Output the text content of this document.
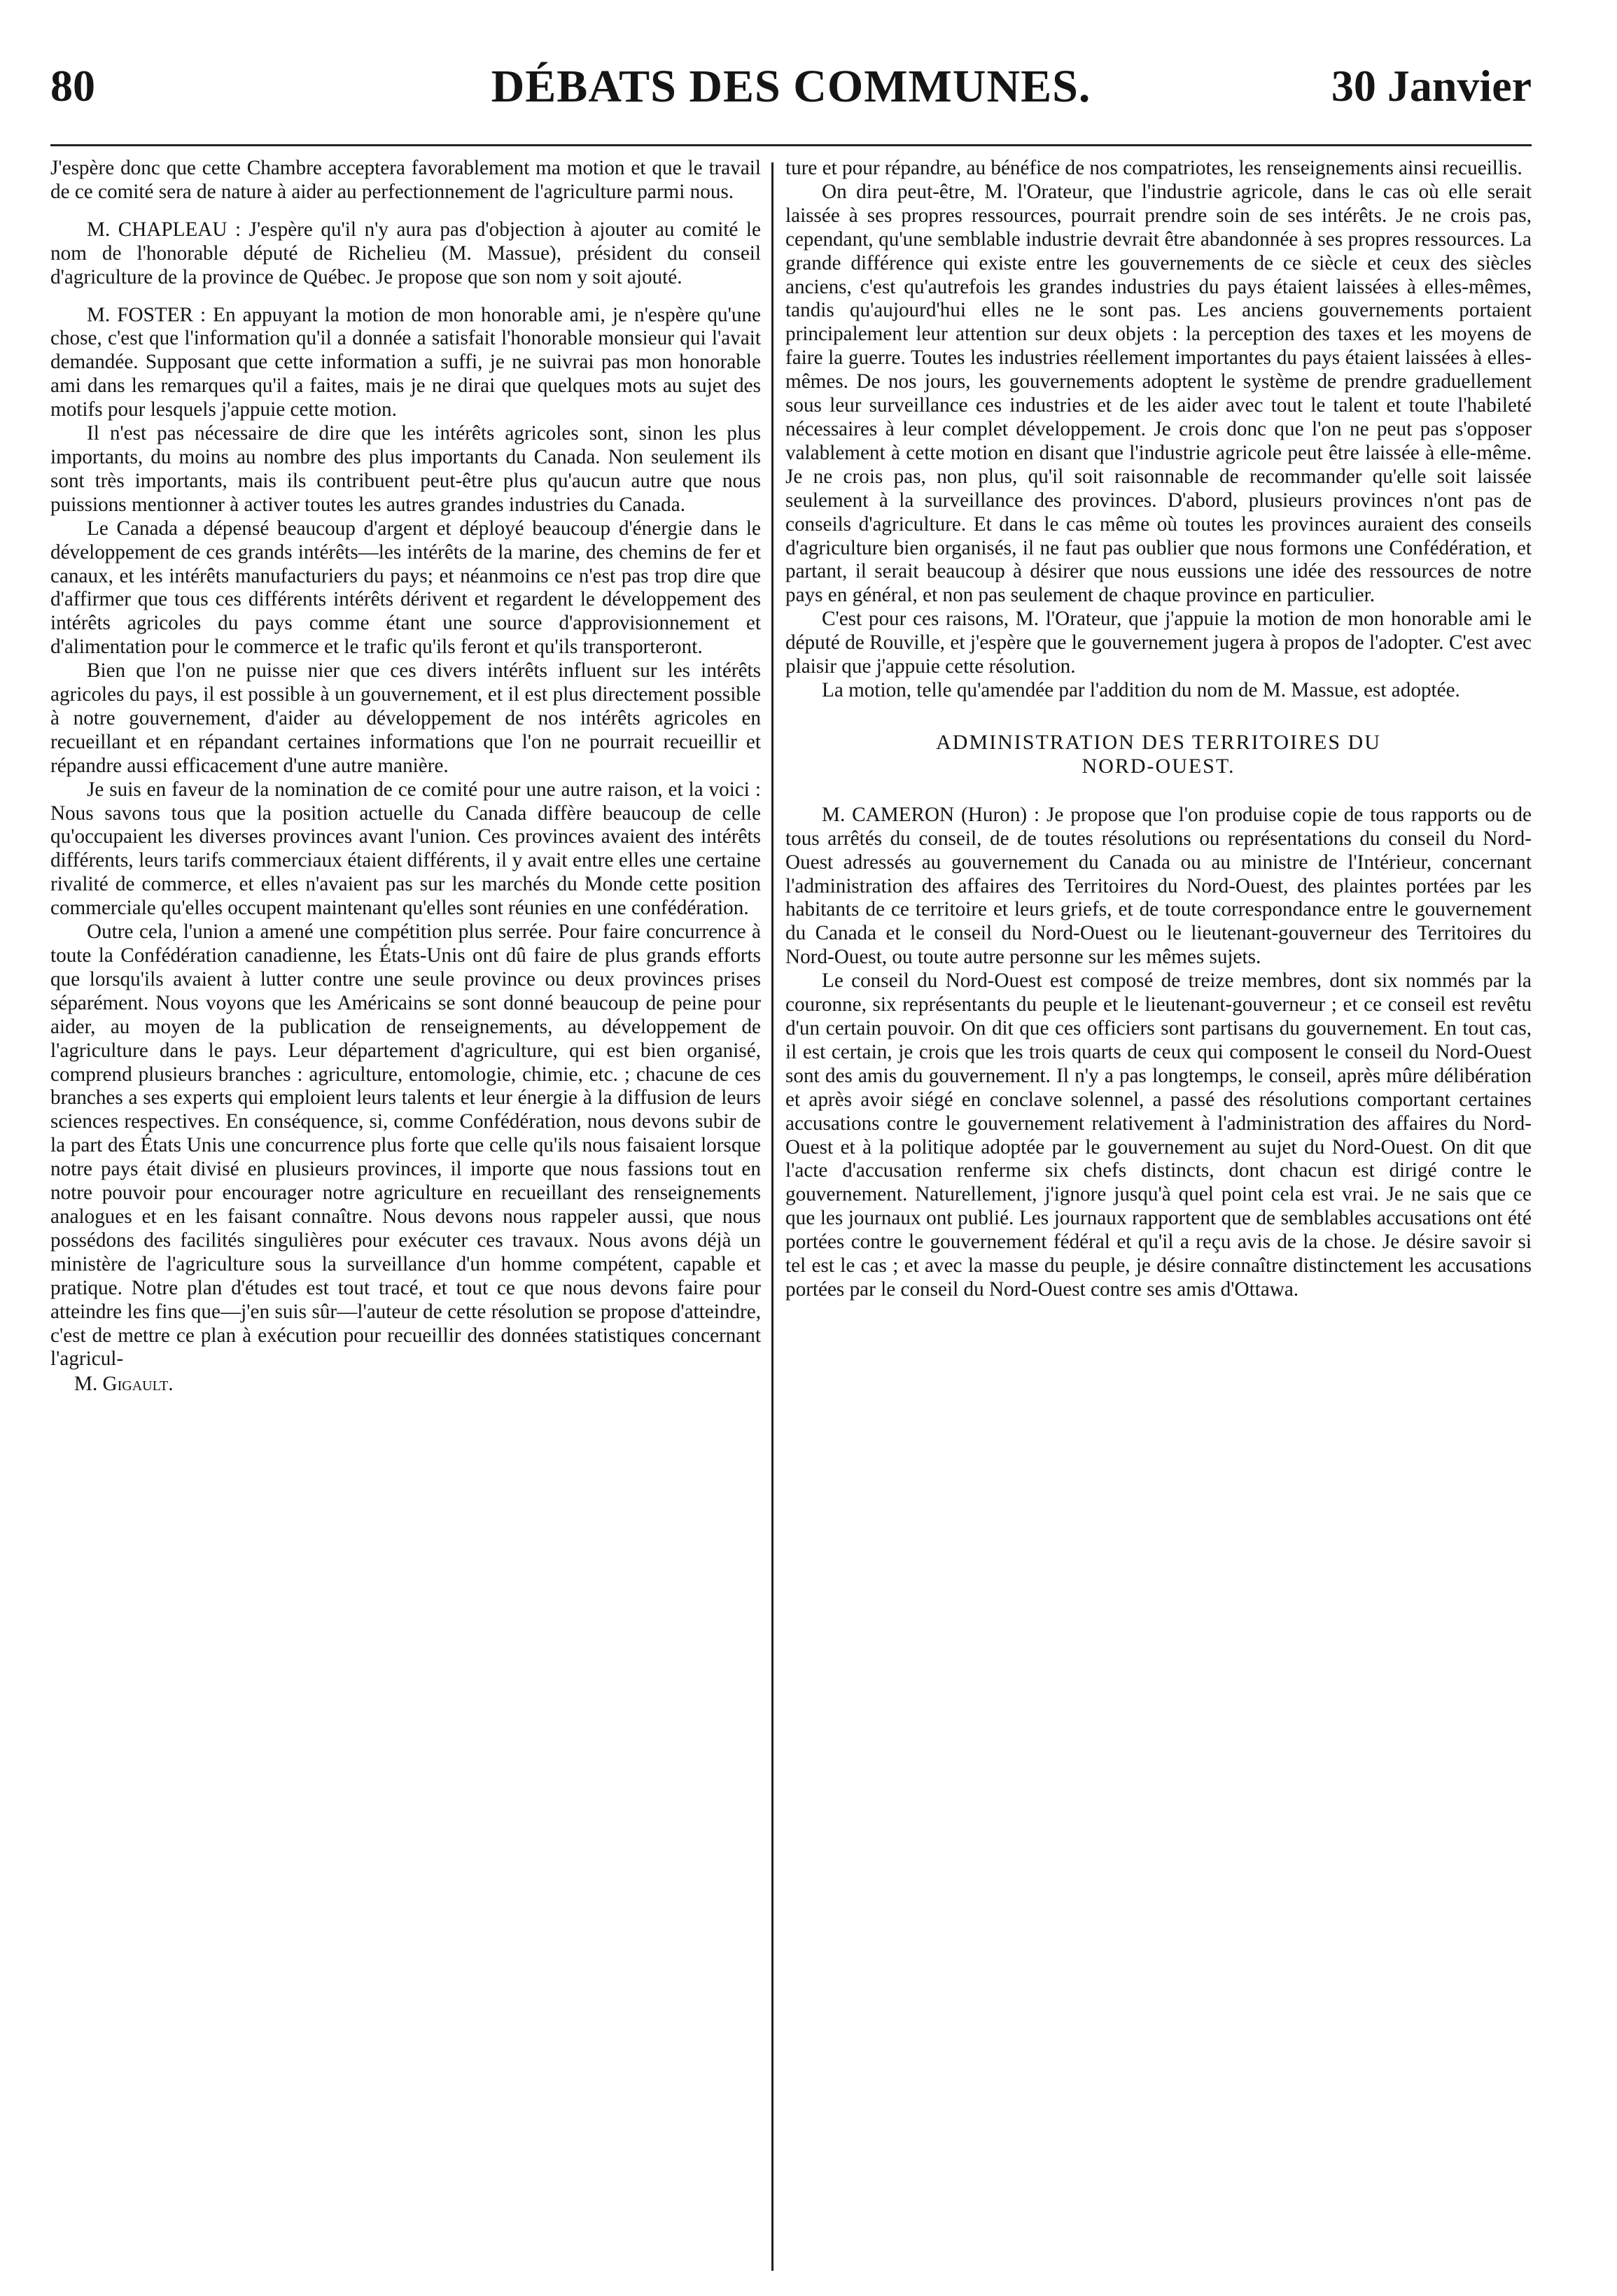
80	DÉBATS DES COMMUNES.	30 Janvier

J'espère donc que cette Chambre acceptera favorablement ma motion et que le travail de ce comité sera de nature à aider au perfectionnement de l'agriculture parmi nous.

M. CHAPLEAU : J'espère qu'il n'y aura pas d'objection à ajouter au comité le nom de l'honorable député de Richelieu (M. Massue), président du conseil d'agriculture de la province de Québec. Je propose que son nom y soit ajouté.

M. FOSTER : En appuyant la motion de mon honorable ami, je n'espère qu'une chose, c'est que l'information qu'il a donnée a satisfait l'honorable monsieur qui l'avait demandée. Supposant que cette information a suffi, je ne suivrai pas mon honorable ami dans les remarques qu'il a faites, mais je ne dirai que quelques mots au sujet des motifs pour lesquels j'appuie cette motion.

Il n'est pas nécessaire de dire que les intérêts agricoles sont, sinon les plus importants, du moins au nombre des plus importants du Canada. Non seulement ils sont très importants, mais ils contribuent peut-être plus qu'aucun autre que nous puissions mentionner à activer toutes les autres grandes industries du Canada.

Le Canada a dépensé beaucoup d'argent et déployé beaucoup d'énergie dans le développement de ces grands intérêts—les intérêts de la marine, des chemins de fer et canaux, et les intérêts manufacturiers du pays; et néanmoins ce n'est pas trop dire que d'affirmer que tous ces différents intérêts dérivent et regardent le développement des intérêts agricoles du pays comme étant une source d'approvisionnement et d'alimentation pour le commerce et le trafic qu'ils feront et qu'ils transporteront.

Bien que l'on ne puisse nier que ces divers intérêts influent sur les intérêts agricoles du pays, il est possible à un gouvernement, et il est plus directement possible à notre gouvernement, d'aider au développement de nos intérêts agricoles en recueillant et en répandant certaines informations que l'on ne pourrait recueillir et répandre aussi efficacement d'une autre manière.

Je suis en faveur de la nomination de ce comité pour une autre raison, et la voici : Nous savons tous que la position actuelle du Canada diffère beaucoup de celle qu'occupaient les diverses provinces avant l'union. Ces provinces avaient des intérêts différents, leurs tarifs commerciaux étaient différents, il y avait entre elles une certaine rivalité de commerce, et elles n'avaient pas sur les marchés du Monde cette position commerciale qu'elles occupent maintenant qu'elles sont réunies en une confédération.

Outre cela, l'union a amené une compétition plus serrée. Pour faire concurrence à toute la Confédération canadienne, les États-Unis ont dû faire de plus grands efforts que lorsqu'ils avaient à lutter contre une seule province ou deux provinces prises séparément. Nous voyons que les Américains se sont donné beaucoup de peine pour aider, au moyen de la publication de renseignements, au développement de l'agriculture dans le pays. Leur département d'agriculture, qui est bien organisé, comprend plusieurs branches : agriculture, entomologie, chimie, etc. ; chacune de ces branches a ses experts qui emploient leurs talents et leur énergie à la diffusion de leurs sciences respectives. En conséquence, si, comme Confédération, nous devons subir de la part des États Unis une concurrence plus forte que celle qu'ils nous faisaient lorsque notre pays était divisé en plusieurs provinces, il importe que nous fassions tout en notre pouvoir pour encourager notre agriculture en recueillant des renseignements analogues et en les faisant connaître. Nous devons nous rappeler aussi, que nous possédons des facilités singulières pour exécuter ces travaux. Nous avons déjà un ministère de l'agriculture sous la surveillance d'un homme compétent, capable et pratique. Notre plan d'études est tout tracé, et tout ce que nous devons faire pour atteindre les fins que—j'en suis sûr—l'auteur de cette résolution se propose d'atteindre, c'est de mettre ce plan à exécution pour recueillir des données statistiques concernant l'agricul-

M. Gigault.

ture et pour répandre, au bénéfice de nos compatriotes, les renseignements ainsi recueillis.

On dira peut-être, M. l'Orateur, que l'industrie agricole, dans le cas où elle serait laissée à ses propres ressources, pourrait prendre soin de ses intérêts. Je ne crois pas, cependant, qu'une semblable industrie devrait être abandonnée à ses propres ressources. La grande différence qui existe entre les gouvernements de ce siècle et ceux des siècles anciens, c'est qu'autrefois les grandes industries du pays étaient laissées à elles-mêmes, tandis qu'aujourd'hui elles ne le sont pas. Les anciens gouvernements portaient principalement leur attention sur deux objets : la perception des taxes et les moyens de faire la guerre. Toutes les industries réellement importantes du pays étaient laissées à elles-mêmes. De nos jours, les gouvernements adoptent le système de prendre graduellement sous leur surveillance ces industries et de les aider avec tout le talent et toute l'habileté nécessaires à leur complet développement. Je crois donc que l'on ne peut pas s'opposer valablement à cette motion en disant que l'industrie agricole peut être laissée à elle-même. Je ne crois pas, non plus, qu'il soit raisonnable de recommander qu'elle soit laissée seulement à la surveillance des provinces. D'abord, plusieurs provinces n'ont pas de conseils d'agriculture. Et dans le cas même où toutes les provinces auraient des conseils d'agriculture bien organisés, il ne faut pas oublier que nous formons une Confédération, et partant, il serait beaucoup à désirer que nous eussions une idée des ressources de notre pays en général, et non pas seulement de chaque province en particulier.

C'est pour ces raisons, M. l'Orateur, que j'appuie la motion de mon honorable ami le député de Rouville, et j'espère que le gouvernement jugera à propos de l'adopter. C'est avec plaisir que j'appuie cette résolution.

La motion, telle qu'amendée par l'addition du nom de M. Massue, est adoptée.

ADMINISTRATION DES TERRITOIRES DU
NORD-OUEST.

M. CAMERON (Huron) : Je propose que l'on produise copie de tous rapports ou de tous arrêtés du conseil, de de toutes résolutions ou représentations du conseil du Nord-Ouest adressés au gouvernement du Canada ou au ministre de l'Intérieur, concernant l'administration des affaires des Territoires du Nord-Ouest, des plaintes portées par les habitants de ce territoire et leurs griefs, et de toute correspondance entre le gouvernement du Canada et le conseil du Nord-Ouest ou le lieutenant-gouverneur des Territoires du Nord-Ouest, ou toute autre personne sur les mêmes sujets.

Le conseil du Nord-Ouest est composé de treize membres, dont six nommés par la couronne, six représentants du peuple et le lieutenant-gouverneur ; et ce conseil est revêtu d'un certain pouvoir. On dit que ces officiers sont partisans du gouvernement. En tout cas, il est certain, je crois que les trois quarts de ceux qui composent le conseil du Nord-Ouest sont des amis du gouvernement. Il n'y a pas longtemps, le conseil, après mûre délibération et après avoir siégé en conclave solennel, a passé des résolutions comportant certaines accusations contre le gouvernement relativement à l'administration des affaires du Nord-Ouest et à la politique adoptée par le gouvernement au sujet du Nord-Ouest. On dit que l'acte d'accusation renferme six chefs distincts, dont chacun est dirigé contre le gouvernement. Naturellement, j'ignore jusqu'à quel point cela est vrai. Je ne sais que ce que les journaux ont publié. Les journaux rapportent que de semblables accusations ont été portées contre le gouvernement fédéral et qu'il a reçu avis de la chose. Je désire savoir si tel est le cas ; et avec la masse du peuple, je désire connaître distinctement les accusations portées par le conseil du Nord-Ouest contre ses amis d'Ottawa.
